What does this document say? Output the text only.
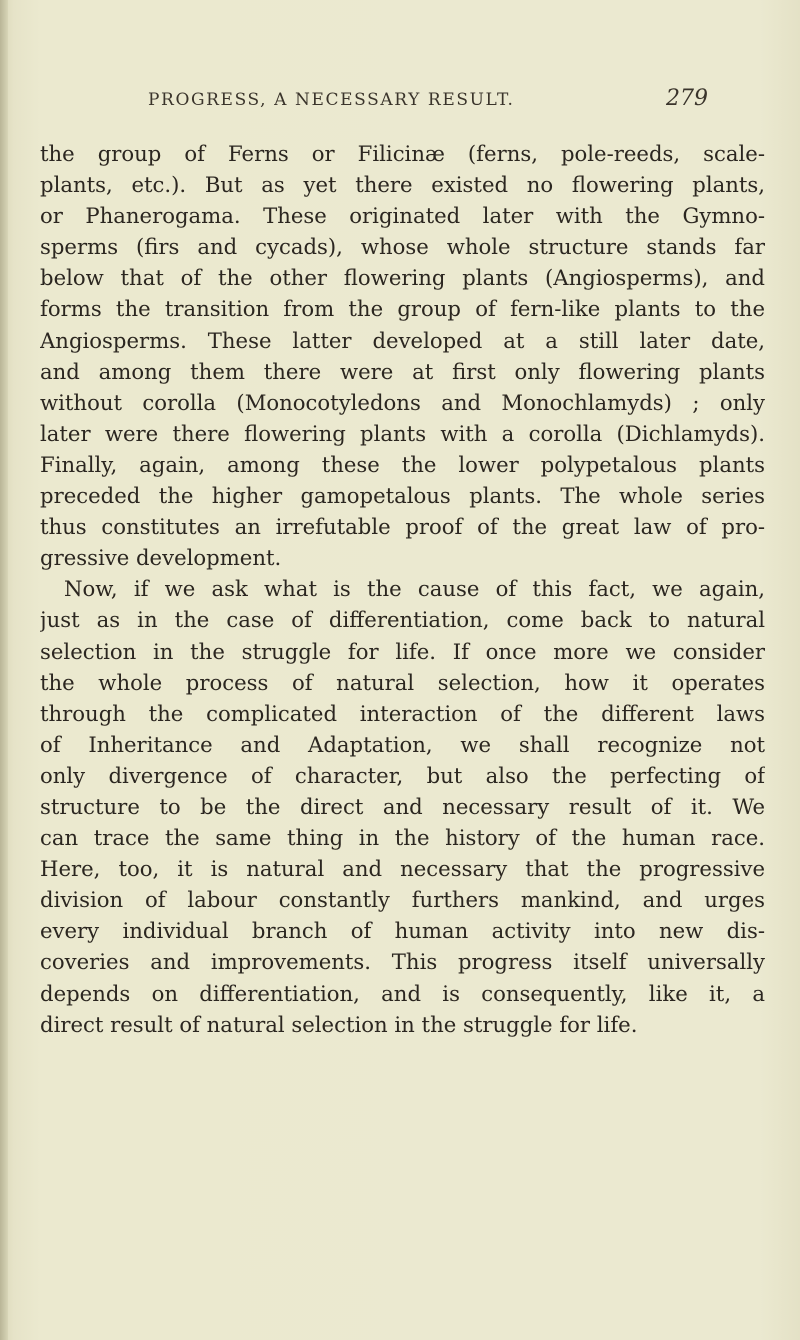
PROGRESS, A NECESSARY RESULT.	279
the group of Ferns or Filicinæ (ferns, pole-reeds, scale-
plants, etc.). But as yet there existed no flowering plants,
or Phanerogama. These originated later with the Gymno-
sperms (firs and cycads), whose whole structure stands far
below that of the other flowering plants (Angiosperms), and
forms the transition from the group of fern-like plants to the
Angiosperms. These latter developed at a still later date,
and among them there were at first only flowering plants
without corolla (Monocotyledons and Monochlamyds) ; only
later were there flowering plants with a corolla (Dichlamyds).
Finally, again, among these the lower polypetalous plants
preceded the higher gamopetalous plants. The whole series
thus constitutes an irrefutable proof of the great law of pro-
gressive development.
Now, if we ask what is the cause of this fact, we again,
just as in the case of differentiation, come back to natural
selection in the struggle for life. If once more we consider
the whole process of natural selection, how it operates
through the complicated interaction of the different laws
of Inheritance and Adaptation, we shall recognize not
only divergence of character, but also the perfecting of
structure to be the direct and necessary result of it. We
can trace the same thing in the history of the human race.
Here, too, it is natural and necessary that the progressive
division of labour constantly furthers mankind, and urges
every individual branch of human activity into new dis-
coveries and improvements. This progress itself universally
depends on differentiation, and is consequently, like it, a
direct result of natural selection in the struggle for life.
